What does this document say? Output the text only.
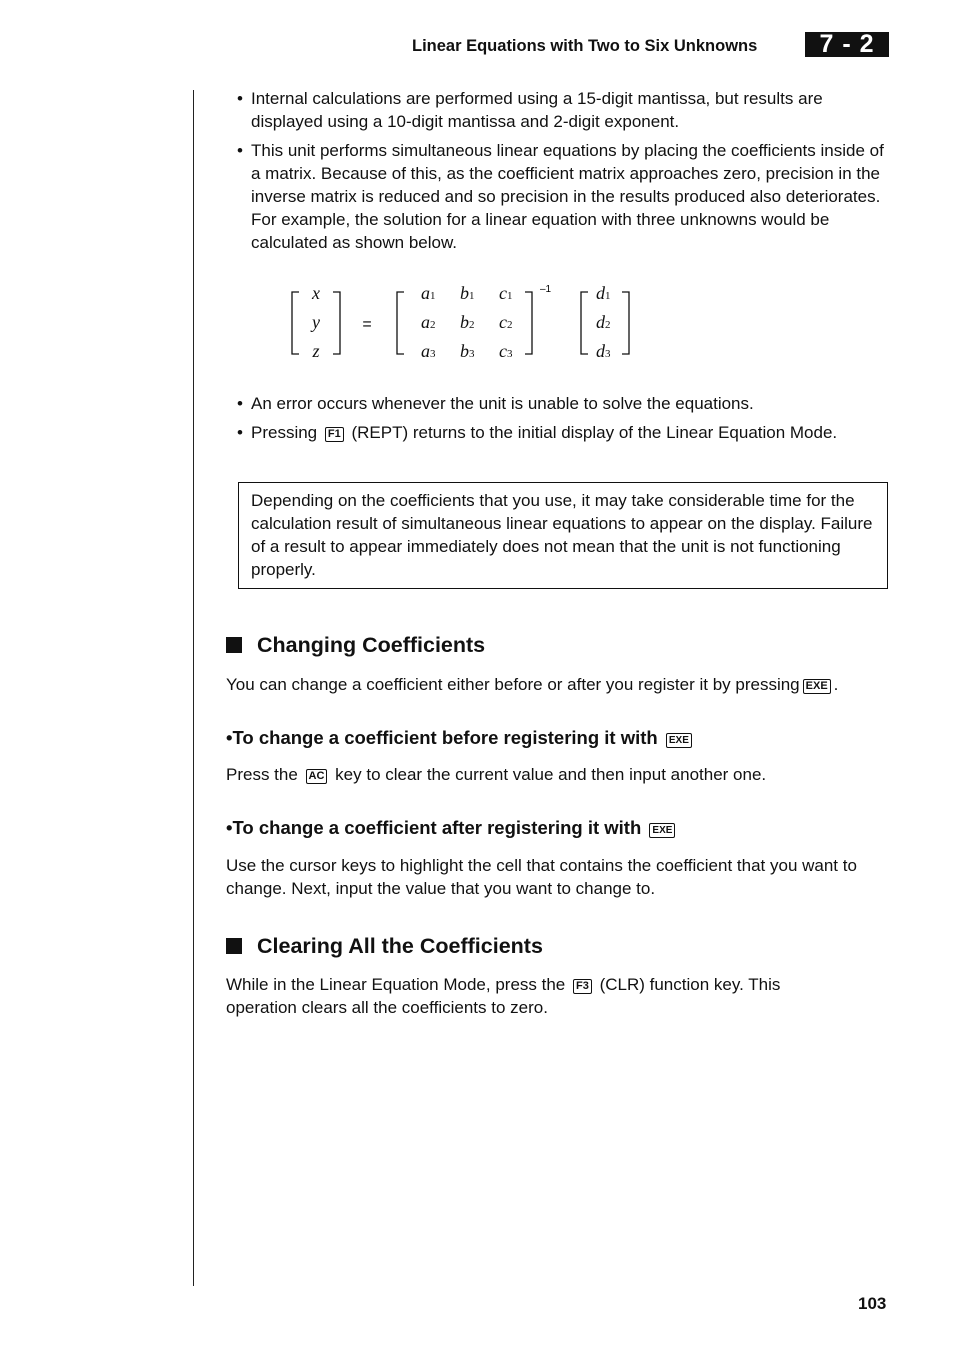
Linear Equations with Two to Six Unknowns	7 - 2
• Internal calculations are performed using a 15-digit mantissa, but results are displayed using a 10-digit mantissa and 2-digit exponent.
• This unit performs simultaneous linear equations by placing the coefficients inside of a matrix. Because of this, as the coefficient matrix approaches zero, precision in the inverse matrix is reduced and so precision in the results produced also deteriorates. For example, the solution for a linear equation with three unknowns would be calculated as shown below.
x
y
z
=
a1 b1 c1
a2 b2 c2
a3 b3 c3
–1 d1
d2
d3
• An error occurs whenever the unit is unable to solve the equations.
• Pressing F1 (REPT) returns to the initial display of the Linear Equation Mode.
Depending on the coefficients that you use, it may take considerable time for the calculation result of simultaneous linear equations to appear on the display. Failure of a result to appear immediately does not mean that the unit is not functioning properly.
Changing Coefficients
You can change a coefficient either before or after you register it by pressing EXE .
•To change a coefficient before registering it with EXE
Press the AC key to clear the current value and then input another one.
•To change a coefficient after registering it with EXE
Use the cursor keys to highlight the cell that contains the coefficient that you want to change. Next, input the value that you want to change to.
Clearing All the Coefficients
While in the Linear Equation Mode, press the F3 (CLR) function key. This operation clears all the coefficients to zero.
103
